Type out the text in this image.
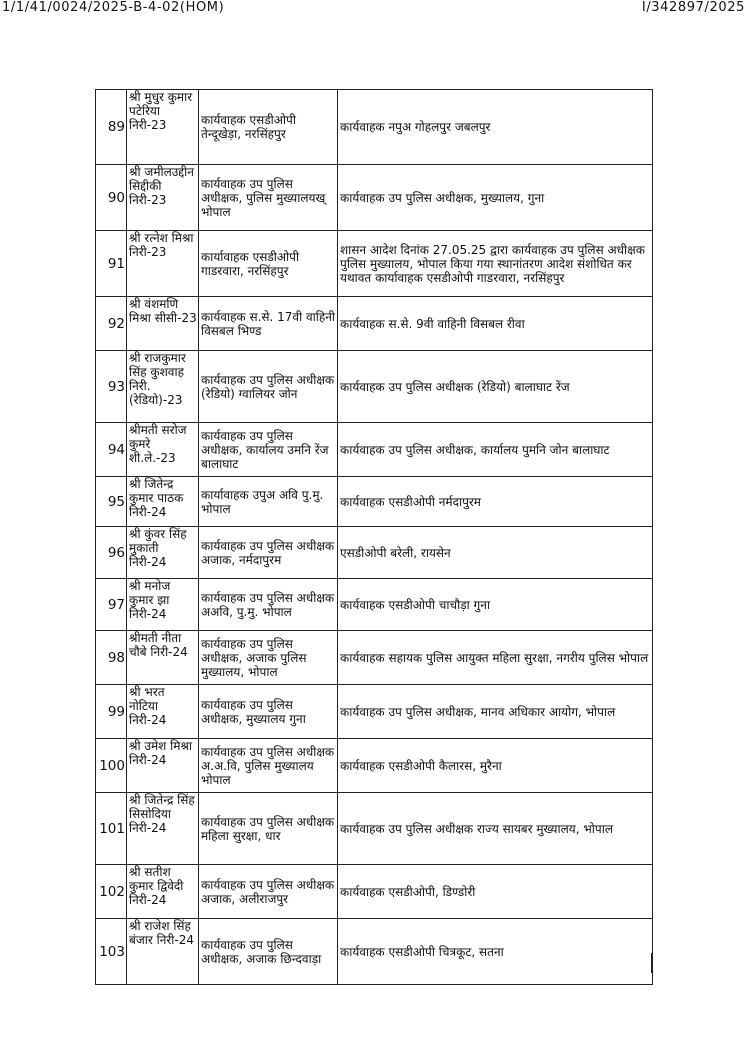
1/1/41/0024/2025-B-4-02(HOM)	I/342897/2025
89	श्री मुधुर कुमार पटेरिया निरी-23	कार्यवाहक एसडीओपी तेन्दूखेड़ा, नरसिंहपुर	कार्यवाहक नपुअ गोहलपुर जबलपुर
90	श्री जमीलउद्दीन सिद्दीकी निरी-23	कार्यवाहक उप पुलिस अधीक्षक, पुलिस मुख्यालयख् भोपाल	कार्यवाहक उप पुलिस अधीक्षक, मुख्यालय, गुना
91	श्री रत्नेश मिश्रा निरी-23	कार्यावाहक एसडीओपी गाडरवारा, नरसिंहपुर	शासन आदेश दिनांक 27.05.25 द्वारा कार्यवाहक उप पुलिस अधीक्षक पुलिस मुख्यालय, भोपाल किया गया स्थानांतरण आदेश संशोधित कर यथावत कार्यावाहक एसडीओपी गाडरवारा, नरसिंहपुर
92	श्री वंशमणि मिश्रा सीसी-23	कार्यवाहक स.से. 17वी वाहिनी विसबल भिण्ड	कार्यवाहक स.से. 9वी वाहिनी विसबल रीवा
93	श्री राजकुमार सिंह कुशवाह निरी. (रेडियो)-23	कार्यवाहक उप पुलिस अधीक्षक (रेडियो) ग्वालियर जोन	कार्यवाहक उप पुलिस अधीक्षक (रेडियो) बालाघाट रेंज
94	श्रीमती सरोज कुमरे शी.ले.-23	कार्यवाहक उप पुलिस अधीक्षक, कार्यालय उमनि रेंज बालाघाट	कार्यवाहक उप पुलिस अधीक्षक, कार्यालय पुमनि जोन बालाघाट
95	श्री जितेन्द्र कुमार पाठक निरी-24	कार्यावाहक उपुअ अवि पु.मु. भोपाल	कार्यवाहक एसडीओपी नर्मदापुरम
96	श्री कुंवर सिंह मुकाती निरी-24	कार्यवाहक उप पुलिस अधीक्षक अजाक, नर्मदापुरम	एसडीओपी बरेली, रायसेन
97	श्री मनोज कुमार झा निरी-24	कार्यवाहक उप पुलिस अधीक्षक अअवि, पु.मु. भोपाल	कार्यवाहक एसडीओपी चाचौड़ा गुना
98	श्रीमती नीता चौबे निरी-24	कार्यवाहक उप पुलिस अधीक्षक, अजाक पुलिस मुख्यालय, भोपाल	कार्यवाहक सहायक पुलिस आयुक्त महिला सुरक्षा, नगरीय पुलिस भोपाल
99	श्री भरत नोटिया निरी-24	कार्यवाहक उप पुलिस अधीक्षक, मुख्यालय गुना	कार्यवाहक उप पुलिस अधीक्षक, मानव अधिकार आयोग, भोपाल
100	श्री उमेश मिश्रा निरी-24	कार्यवाहक उप पुलिस अधीक्षक अ.अ.वि, पुलिस मुख्यालय भोपाल	कार्यवाहक एसडीओपी कैलारस, मुरैना
101	श्री जितेन्द्र सिंह सिसोदिया निरी-24	कार्यवाहक उप पुलिस अधीक्षक महिला सुरक्षा, धार	कार्यवाहक उप पुलिस अधीक्षक राज्य सायबर मुख्यालय, भोपाल
102	श्री सतीश कुमार द्विवेदी निरी-24	कार्यवाहक उप पुलिस अधीक्षक अजाक, अलीराजपुर	कार्यवाहक एसडीओपी, डिण्डोरी
103	श्री राजेश सिंह बंजार निरी-24	कार्यवाहक उप पुलिस अधीक्षक, अजाक छिन्दवाड़ा	कार्यवाहक एसडीओपी चित्रकूट, सतना
